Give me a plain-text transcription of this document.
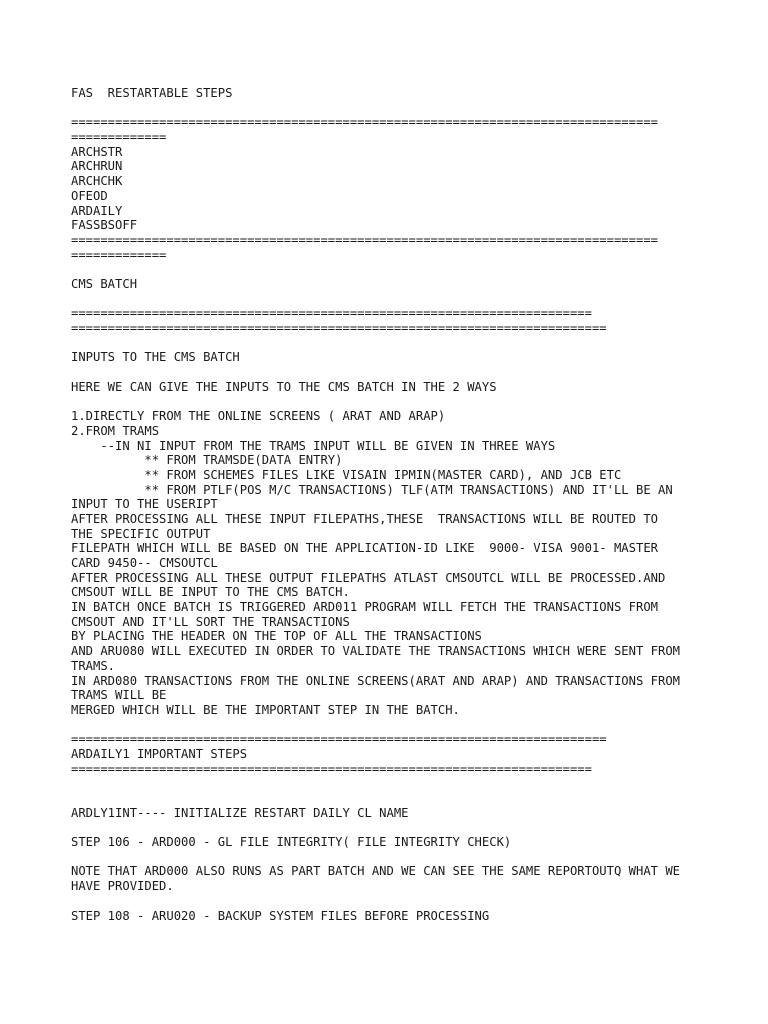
FAS  RESTARTABLE STEPS
================================================================================
=============
ARCHSTR
ARCHRUN
ARCHCHK
OFEOD
ARDAILY
FASSBSOFF
================================================================================
=============
CMS BATCH
=======================================================================
=========================================================================
INPUTS TO THE CMS BATCH
HERE WE CAN GIVE THE INPUTS TO THE CMS BATCH IN THE 2 WAYS
1.DIRECTLY FROM THE ONLINE SCREENS ( ARAT AND ARAP)
2.FROM TRAMS
--IN NI INPUT FROM THE TRAMS INPUT WILL BE GIVEN IN THREE WAYS
** FROM TRAMSDE(DATA ENTRY)
** FROM SCHEMES FILES LIKE VISAIN IPMIN(MASTER CARD), AND JCB ETC
** FROM PTLF(POS M/C TRANSACTIONS) TLF(ATM TRANSACTIONS) AND IT'LL BE AN
INPUT TO THE USERIPT
AFTER PROCESSING ALL THESE INPUT FILEPATHS,THESE  TRANSACTIONS WILL BE ROUTED TO
THE SPECIFIC OUTPUT
FILEPATH WHICH WILL BE BASED ON THE APPLICATION-ID LIKE  9000- VISA 9001- MASTER
CARD 9450-- CMSOUTCL
AFTER PROCESSING ALL THESE OUTPUT FILEPATHS ATLAST CMSOUTCL WILL BE PROCESSED.AND
CMSOUT WILL BE INPUT TO THE CMS BATCH.
IN BATCH ONCE BATCH IS TRIGGERED ARD011 PROGRAM WILL FETCH THE TRANSACTIONS FROM
CMSOUT AND IT'LL SORT THE TRANSACTIONS
BY PLACING THE HEADER ON THE TOP OF ALL THE TRANSACTIONS
AND ARU080 WILL EXECUTED IN ORDER TO VALIDATE THE TRANSACTIONS WHICH WERE SENT FROM
TRAMS.
IN ARD080 TRANSACTIONS FROM THE ONLINE SCREENS(ARAT AND ARAP) AND TRANSACTIONS FROM
TRAMS WILL BE
MERGED WHICH WILL BE THE IMPORTANT STEP IN THE BATCH.
=========================================================================
ARDAILY1 IMPORTANT STEPS
=======================================================================
ARDLY1INT---- INITIALIZE RESTART DAILY CL NAME
STEP 106 - ARD000 - GL FILE INTEGRITY( FILE INTEGRITY CHECK)
NOTE THAT ARD000 ALSO RUNS AS PART BATCH AND WE CAN SEE THE SAME REPORTOUTQ WHAT WE
HAVE PROVIDED.
STEP 108 - ARU020 - BACKUP SYSTEM FILES BEFORE PROCESSING
